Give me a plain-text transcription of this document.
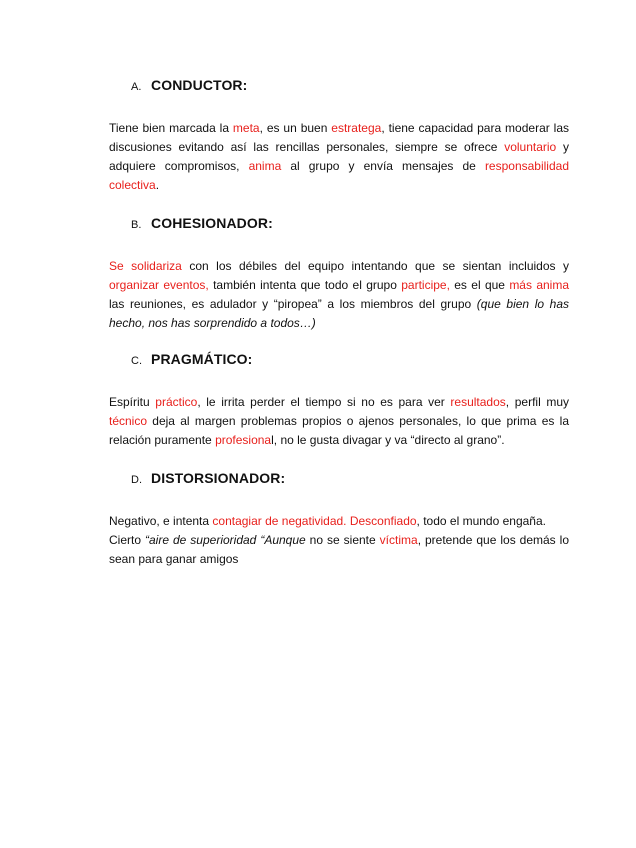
A. CONDUCTOR:

Tiene bien marcada la meta, es un buen estratega, tiene capacidad para moderar las discusiones evitando así las rencillas personales, siempre se ofrece voluntario y adquiere compromisos, anima al grupo y envía mensajes de responsabilidad colectiva.

B. COHESIONADOR:

Se solidariza con los débiles del equipo intentando que se sientan incluidos y organizar eventos, también intenta que todo el grupo participe, es el que más anima las reuniones, es adulador y “piropea” a los miembros del grupo (que bien lo has hecho, nos has sorprendido a todos…)

C. PRAGMÁTICO:

Espíritu práctico, le irrita perder el tiempo si no es para ver resultados, perfil muy técnico deja al margen problemas propios o ajenos personales, lo que prima es la relación puramente profesional, no le gusta divagar y va “directo al grano”.

D. DISTORSIONADOR:

Negativo, e intenta contagiar de negatividad. Desconfiado, todo el mundo engaña.

Cierto “aire de superioridad “Aunque no se siente víctima, pretende que los demás lo sean para ganar amigos
